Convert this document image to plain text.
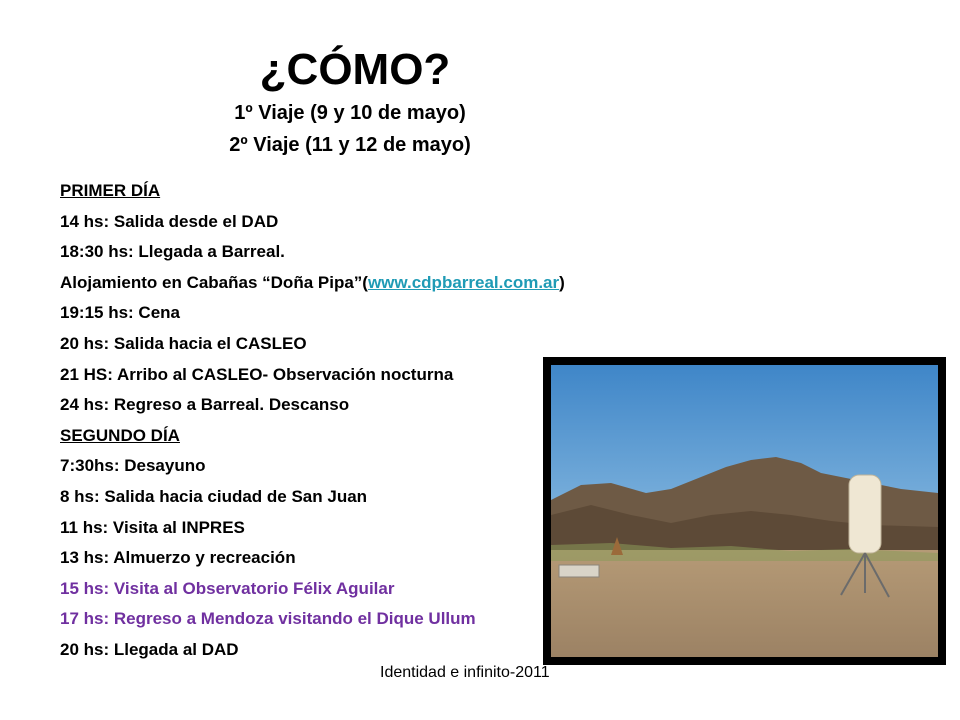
¿CÓMO?
1º Viaje (9 y 10 de mayo)
2º Viaje (11 y 12 de mayo)
PRIMER DÍA
14 hs: Salida desde el DAD
18:30 hs: Llegada a Barreal.
Alojamiento en Cabañas “Doña Pipa”(www.cdpbarreal.com.ar)
19:15 hs: Cena
20 hs: Salida hacia el CASLEO
21 HS: Arribo al CASLEO- Observación nocturna
24 hs: Regreso a Barreal. Descanso
SEGUNDO DÍA
7:30hs: Desayuno
8 hs: Salida hacia ciudad de San Juan
11 hs: Visita al INPRES
13 hs: Almuerzo y recreación
15 hs: Visita al Observatorio Félix Aguilar
17 hs: Regreso a Mendoza visitando el Dique Ullum
20 hs: Llegada al DAD
Identidad e infinito-2011
